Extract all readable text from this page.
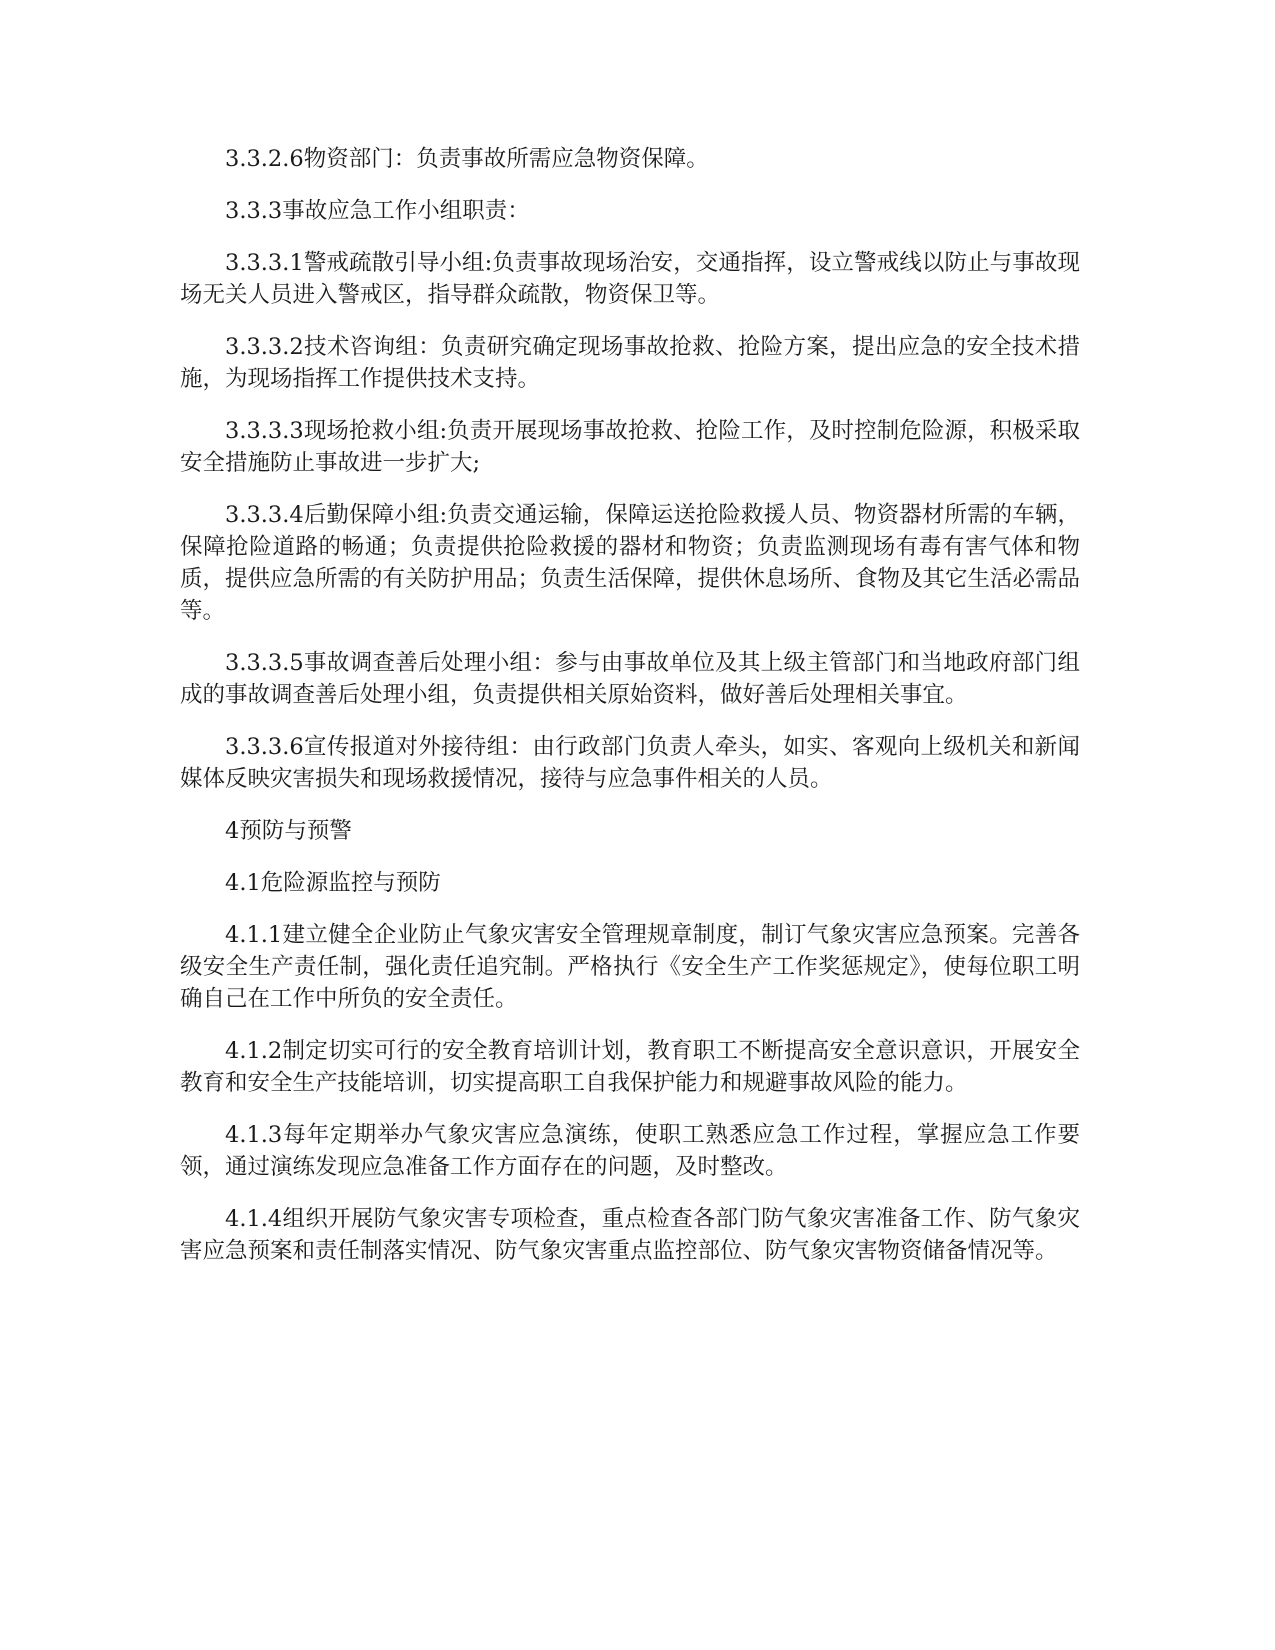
3.3.2.6物资部门：负责事故所需应急物资保障。

3.3.3事故应急工作小组职责：

3.3.3.1警戒疏散引导小组:负责事故现场治安，交通指挥，设立警戒线以防止与事故现场无关人员进入警戒区，指导群众疏散，物资保卫等。

3.3.3.2技术咨询组：负责研究确定现场事故抢救、抢险方案，提出应急的安全技术措施，为现场指挥工作提供技术支持。

3.3.3.3现场抢救小组:负责开展现场事故抢救、抢险工作，及时控制危险源，积极采取安全措施防止事故进一步扩大;

3.3.3.4后勤保障小组:负责交通运输，保障运送抢险救援人员、物资器材所需的车辆，保障抢险道路的畅通；负责提供抢险救援的器材和物资；负责监测现场有毒有害气体和物质，提供应急所需的有关防护用品；负责生活保障，提供休息场所、食物及其它生活必需品等。

3.3.3.5事故调查善后处理小组：参与由事故单位及其上级主管部门和当地政府部门组成的事故调查善后处理小组，负责提供相关原始资料，做好善后处理相关事宜。

3.3.3.6宣传报道对外接待组：由行政部门负责人牵头，如实、客观向上级机关和新闻媒体反映灾害损失和现场救援情况，接待与应急事件相关的人员。

4预防与预警

4.1危险源监控与预防

4.1.1建立健全企业防止气象灾害安全管理规章制度，制订气象灾害应急预案。完善各级安全生产责任制，强化责任追究制。严格执行《安全生产工作奖惩规定》，使每位职工明确自己在工作中所负的安全责任。

4.1.2制定切实可行的安全教育培训计划，教育职工不断提高安全意识意识，开展安全教育和安全生产技能培训，切实提高职工自我保护能力和规避事故风险的能力。

4.1.3每年定期举办气象灾害应急演练，使职工熟悉应急工作过程，掌握应急工作要领，通过演练发现应急准备工作方面存在的问题，及时整改。

4.1.4组织开展防气象灾害专项检查，重点检查各部门防气象灾害准备工作、防气象灾害应急预案和责任制落实情况、防气象灾害重点监控部位、防气象灾害物资储备情况等。
